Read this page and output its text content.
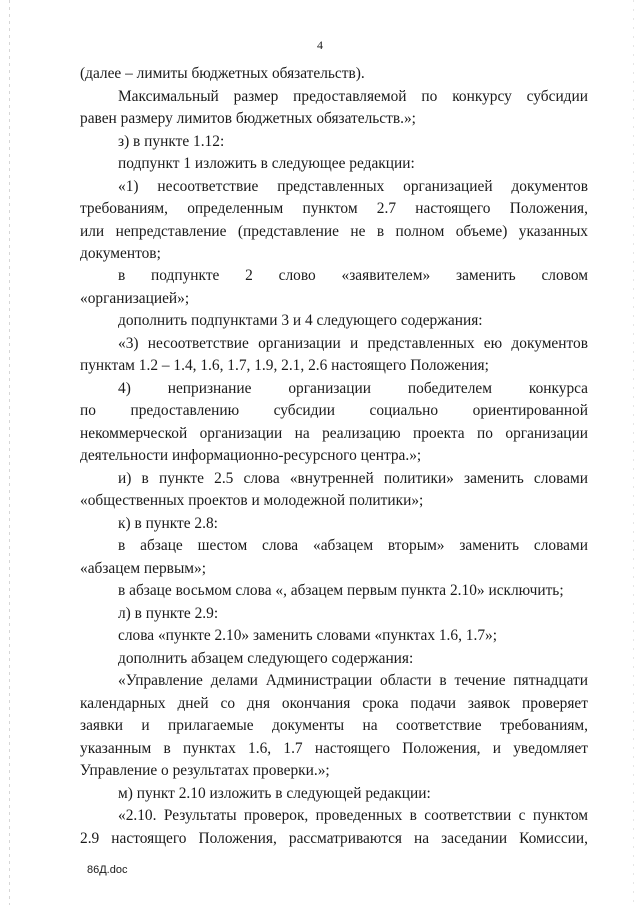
4
(далее – лимиты бюджетных обязательств).
Максимальный размер предоставляемой по конкурсу субсидии
равен размеру лимитов бюджетных обязательств.»;
з) в пункте 1.12:
подпункт 1 изложить в следующее редакции:
«1) несоответствие представленных организацией документов
требованиям, определенным пунктом 2.7 настоящего Положения,
или непредставление (представление не в полном объеме) указанных
документов;
в подпункте 2 слово «заявителем» заменить словом
«организацией»;
дополнить подпунктами 3 и 4 следующего содержания:
«3) несоответствие организации и представленных ею документов
пунктам 1.2 – 1.4, 1.6, 1.7, 1.9, 2.1, 2.6 настоящего Положения;
4) непризнание организации победителем конкурса
по предоставлению субсидии социально ориентированной
некоммерческой организации на реализацию проекта по организации
деятельности информационно-ресурсного центра.»;
и) в пункте 2.5 слова «внутренней политики» заменить словами
«общественных проектов и молодежной политики»;
к) в пункте 2.8:
в абзаце шестом слова «абзацем вторым» заменить словами
«абзацем первым»;
в абзаце восьмом слова «, абзацем первым пункта 2.10» исключить;
л) в пункте 2.9:
слова «пункте 2.10» заменить словами «пунктах 1.6, 1.7»;
дополнить абзацем следующего содержания:
«Управление делами Администрации области в течение пятнадцати
календарных дней со дня окончания срока подачи заявок проверяет
заявки и прилагаемые документы на соответствие требованиям,
указанным в пунктах 1.6, 1.7 настоящего Положения, и уведомляет
Управление о результатах проверки.»;
м) пункт 2.10 изложить в следующей редакции:
«2.10. Результаты проверок, проведенных в соответствии с пунктом
2.9 настоящего Положения, рассматриваются на заседании Комиссии,
86Д.doc
